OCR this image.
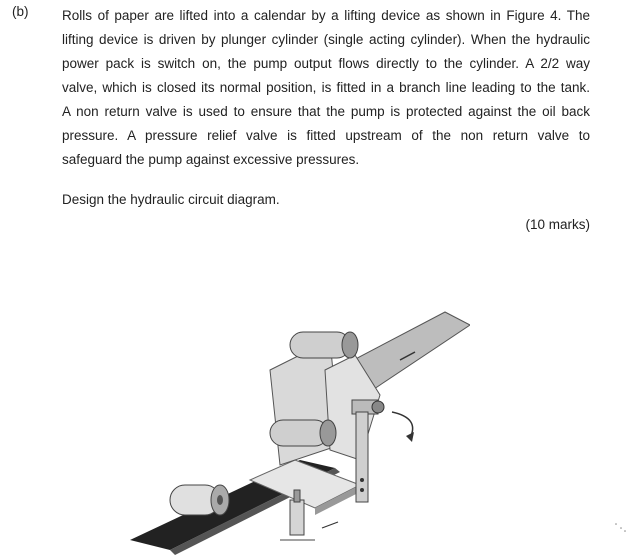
(b) Rolls of paper are lifted into a calendar by a lifting device as shown in Figure 4. The
lifting device is driven by plunger cylinder (single acting cylinder). When the hydraulic
power pack is switch on, the pump output flows directly to the cylinder. A 2/2 way
valve, which is closed its normal position, is fitted in a branch line leading to the tank.
A non return valve is used to ensure that the pump is protected against the oil back
pressure. A pressure relief valve is fitted upstream of the non return valve to
safeguard the pump against excessive pressures.
Design the hydraulic circuit diagram.
(10 marks)
